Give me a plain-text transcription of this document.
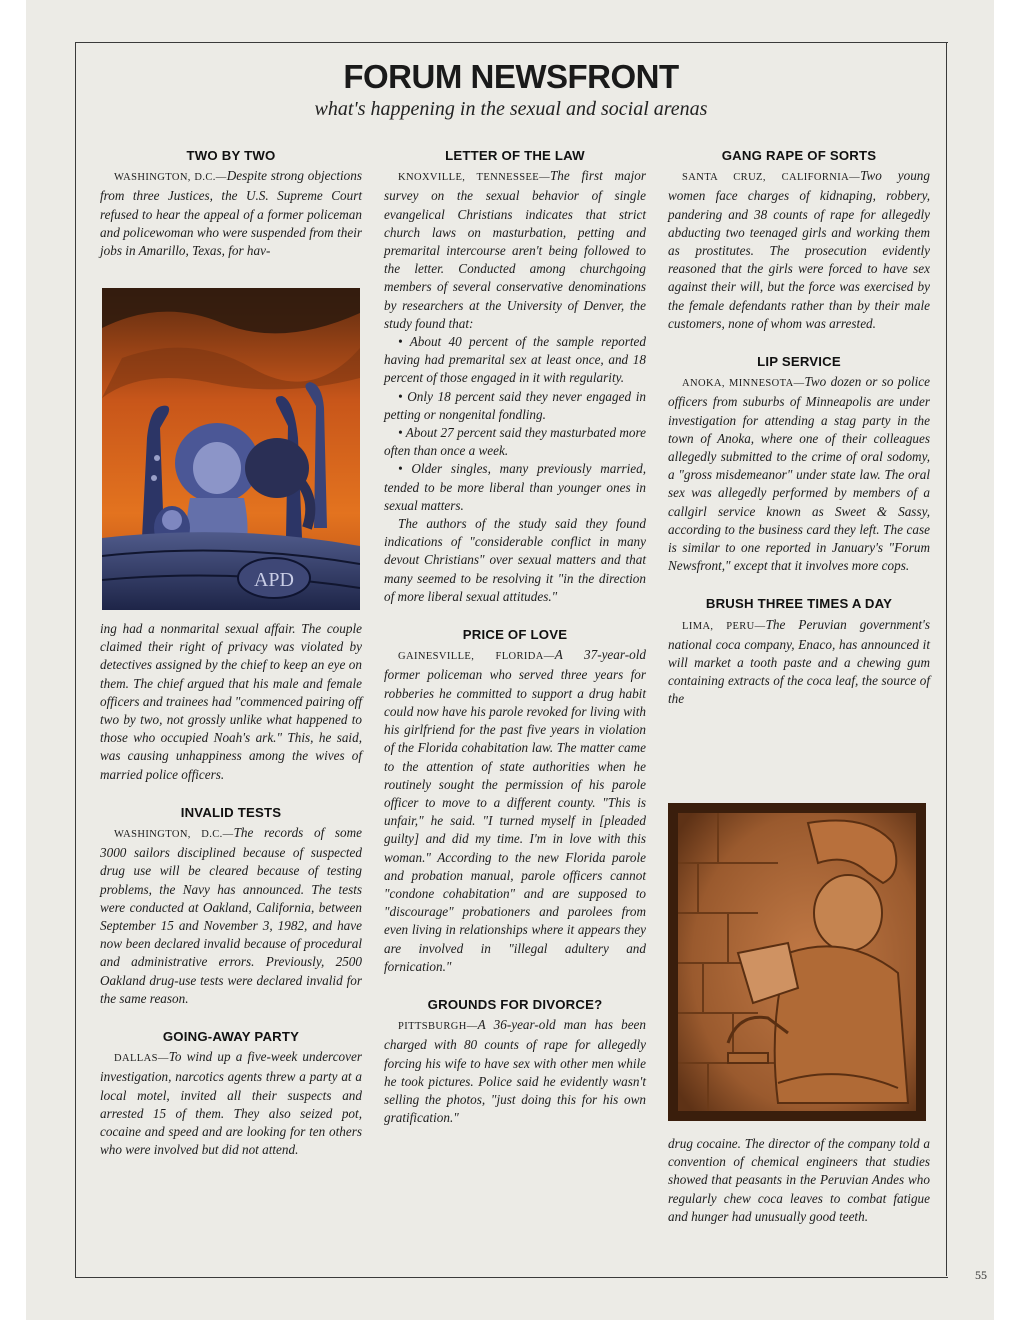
FORUM NEWSFRONT
what's happening in the sexual and social arenas
TWO BY TWO

WASHINGTON, D.C.—Despite strong objections from three Justices, the U.S. Supreme Court refused to hear the appeal of a former policeman and policewoman who were suspended from their jobs in Amarillo, Texas, for hav-

APD

ing had a nonmarital sexual affair. The couple claimed their right of privacy was violated by detectives assigned by the chief to keep an eye on them. The chief argued that his male and female officers and trainees had "commenced pairing off two by two, not grossly unlike what happened to those who occupied Noah's ark." This, he said, was causing unhappiness among the wives of married police officers.

INVALID TESTS

WASHINGTON, D.C.—The records of some 3000 sailors disciplined because of suspected drug use will be cleared because of testing problems, the Navy has announced. The tests were conducted at Oakland, California, between September 15 and November 3, 1982, and have now been declared invalid because of procedural and administrative errors. Previously, 2500 Oakland drug-use tests were declared invalid for the same reason.

GOING-AWAY PARTY

DALLAS—To wind up a five-week undercover investigation, narcotics agents threw a party at a local motel, invited all their suspects and arrested 15 of them. They also seized pot, cocaine and speed and are looking for ten others who were involved but did not attend.

LETTER OF THE LAW

KNOXVILLE, TENNESSEE—The first major survey on the sexual behavior of single evangelical Christians indicates that strict church laws on masturbation, petting and premarital intercourse aren't being followed to the letter. Conducted among churchgoing members of several conservative denominations by researchers at the University of Denver, the study found that:

• About 40 percent of the sample reported having had premarital sex at least once, and 18 percent of those engaged in it with regularity.

• Only 18 percent said they never engaged in petting or nongenital fondling.

• About 27 percent said they masturbated more often than once a week.

• Older singles, many previously married, tended to be more liberal than younger ones in sexual matters.

The authors of the study said they found indications of "considerable conflict in many devout Christians" over sexual matters and that many seemed to be resolving it "in the direction of more liberal sexual attitudes."

PRICE OF LOVE

GAINESVILLE, FLORIDA—A 37-year-old former policeman who served three years for robberies he committed to support a drug habit could now have his parole revoked for living with his girlfriend for the past five years in violation of the Florida cohabitation law. The matter came to the attention of state authorities when he routinely sought the permission of his parole officer to move to a different county. "This is unfair," he said. "I turned myself in [pleaded guilty] and did my time. I'm in love with this woman." According to the new Florida parole and probation manual, parole officers cannot "condone cohabitation" and are supposed to "discourage" probationers and parolees from even living in relationships where it appears they are involved in "illegal adultery and fornication."

GROUNDS FOR DIVORCE?

PITTSBURGH—A 36-year-old man has been charged with 80 counts of rape for allegedly forcing his wife to have sex with other men while he took pictures. Police said he evidently wasn't selling the photos, "just doing this for his own gratification."

GANG RAPE OF SORTS

SANTA CRUZ, CALIFORNIA—Two young women face charges of kidnaping, robbery, pandering and 38 counts of rape for allegedly abducting two teenaged girls and working them as prostitutes. The prosecution evidently reasoned that the girls were forced to have sex against their will, but the force was exercised by the female defendants rather than by their male customers, none of whom was arrested.

LIP SERVICE

ANOKA, MINNESOTA—Two dozen or so police officers from suburbs of Minneapolis are under investigation for attending a stag party in the town of Anoka, where one of their colleagues allegedly submitted to the crime of oral sodomy, a "gross misdemeanor" under state law. The oral sex was allegedly performed by members of a callgirl service known as Sweet & Sassy, according to the business card they left. The case is similar to one reported in January's "Forum Newsfront," except that it involves more cops.

BRUSH THREE TIMES A DAY

LIMA, PERU—The Peruvian government's national coca company, Enaco, has announced it will market a tooth paste and a chewing gum containing extracts of the coca leaf, the source of the

drug cocaine. The director of the company told a convention of chemical engineers that studies showed that peasants in the Peruvian Andes who regularly chew coca leaves to combat fatigue and hunger had unusually good teeth.

55
